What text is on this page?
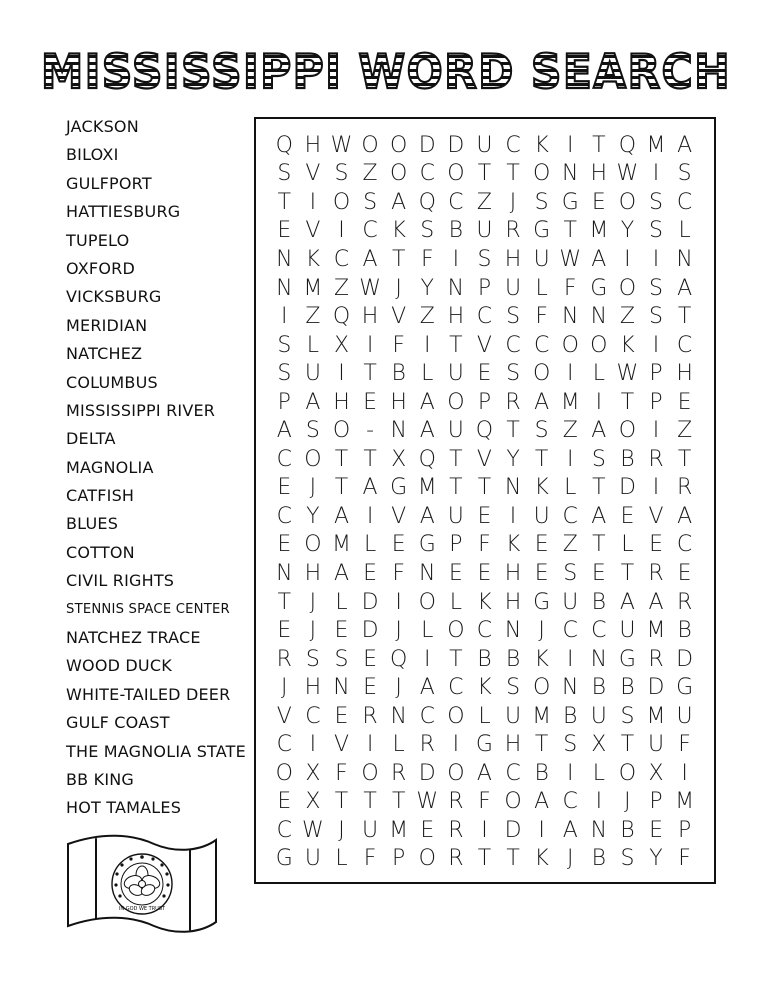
MISSISSIPPI WORD SEARCH
JACKSON
BILOXI
GULFPORT
HATTIESBURG
TUPELO
OXFORD
VICKSBURG
MERIDIAN
NATCHEZ
COLUMBUS
MISSISSIPPI RIVER
DELTA
MAGNOLIA
CATFISH
BLUES
COTTON
CIVIL RIGHTS
STENNIS SPACE CENTER
NATCHEZ TRACE
WOOD DUCK
WHITE-TAILED DEER
GULF COAST
THE MAGNOLIA STATE
BB KING
HOT TAMALES
Q H W O O D D U C K I T Q M A
S V S Z O C O T T O N H W I S
T I O S A Q C Z J S G E O S C
E V I C K S B U R G T M Y S L
N K C A T F I S H U W A I	I N
N M Z W J Y N P U L F G O S A
I Z Q H V Z H C S F N N Z S T
S L X I F I T V C C O O K I C
S U I T B L U E S O I L W P H
P A H E H A O P R A M I T P E
A S O - N A U Q T S Z A O I Z
C O T T X Q T V Y T I S B R T
E J T A G M T T N K L T D I R
C Y A I V A U E I U C A E V A
E O M L E G P F K E Z T L E C
N H A E F N E E H E S E T R E
T J L D I O L K H G U B A A R
E J E D J L O C N J C C U M B
R S S E Q I T B B K I N G R D
J H N E J A C K S O N B B D G
V C E R N C O L U M B U S M U
C I V I L R I G H T S X T U F
O X F O R D O A C B I L O X I
E X T T T W R F O A C I	J P M
C W J U M E R I D I A N B E P
G U L F P O R T T K J B S Y F
IN GOD WE TRUST
